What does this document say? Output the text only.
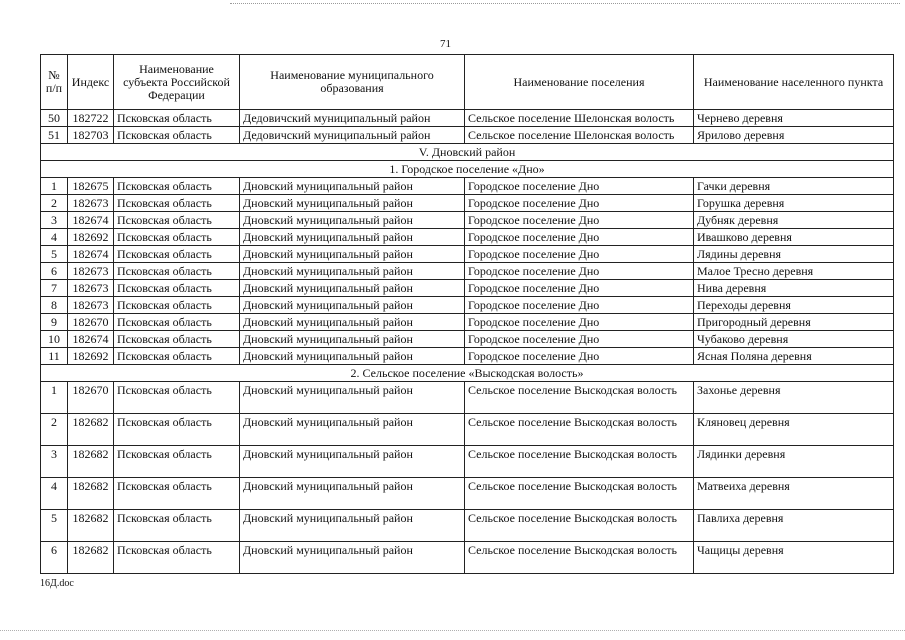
71
№ п/п	Индекс	Наименование субъекта Российской Федерации	Наименование муниципального образования	Наименование поселения	Наименование населенного пункта
50	182722	Псковская область	Дедовичский муниципальный район	Сельское поселение Шелонская волость	Черневo деревня
51	182703	Псковская область	Дедовичский муниципальный район	Сельское поселение Шелонская волость	Ярилово деревня
V. Дновский район					
1. Городское поселение «Дно»					
1	182675	Псковская область	Дновский муниципальный район	Городское поселение Дно	Гачки деревня
2	182673	Псковская область	Дновский муниципальный район	Городское поселение Дно	Горушка деревня
3	182674	Псковская область	Дновский муниципальный район	Городское поселение Дно	Дубняк деревня
4	182692	Псковская область	Дновский муниципальный район	Городское поселение Дно	Ивашково деревня
5	182674	Псковская область	Дновский муниципальный район	Городское поселение Дно	Лядины деревня
6	182673	Псковская область	Дновский муниципальный район	Городское поселение Дно	Малое Тресно деревня
7	182673	Псковская область	Дновский муниципальный район	Городское поселение Дно	Нива деревня
8	182673	Псковская область	Дновский муниципальный район	Городское поселение Дно	Переходы деревня
9	182670	Псковская область	Дновский муниципальный район	Городское поселение Дно	Пригородный деревня
10	182674	Псковская область	Дновский муниципальный район	Городское поселение Дно	Чубаково деревня
11	182692	Псковская область	Дновский муниципальный район	Городское поселение Дно	Ясная Поляна деревня
2. Сельское поселение «Выскодская волость»					
1	182670	Псковская область	Дновский муниципальный район	Сельское поселение Выскодская волость	Захонье деревня
2	182682	Псковская область	Дновский муниципальный район	Сельское поселение Выскодская волость	Кляновец деревня
3	182682	Псковская область	Дновский муниципальный район	Сельское поселение Выскодская волость	Лядинки деревня
4	182682	Псковская область	Дновский муниципальный район	Сельское поселение Выскодская волость	Матвеиха деревня
5	182682	Псковская область	Дновский муниципальный район	Сельское поселение Выскодская волость	Павлиха деревня
6	182682	Псковская область	Дновский муниципальный район	Сельское поселение Выскодская волость	Чащицы деревня
16Д.doc
